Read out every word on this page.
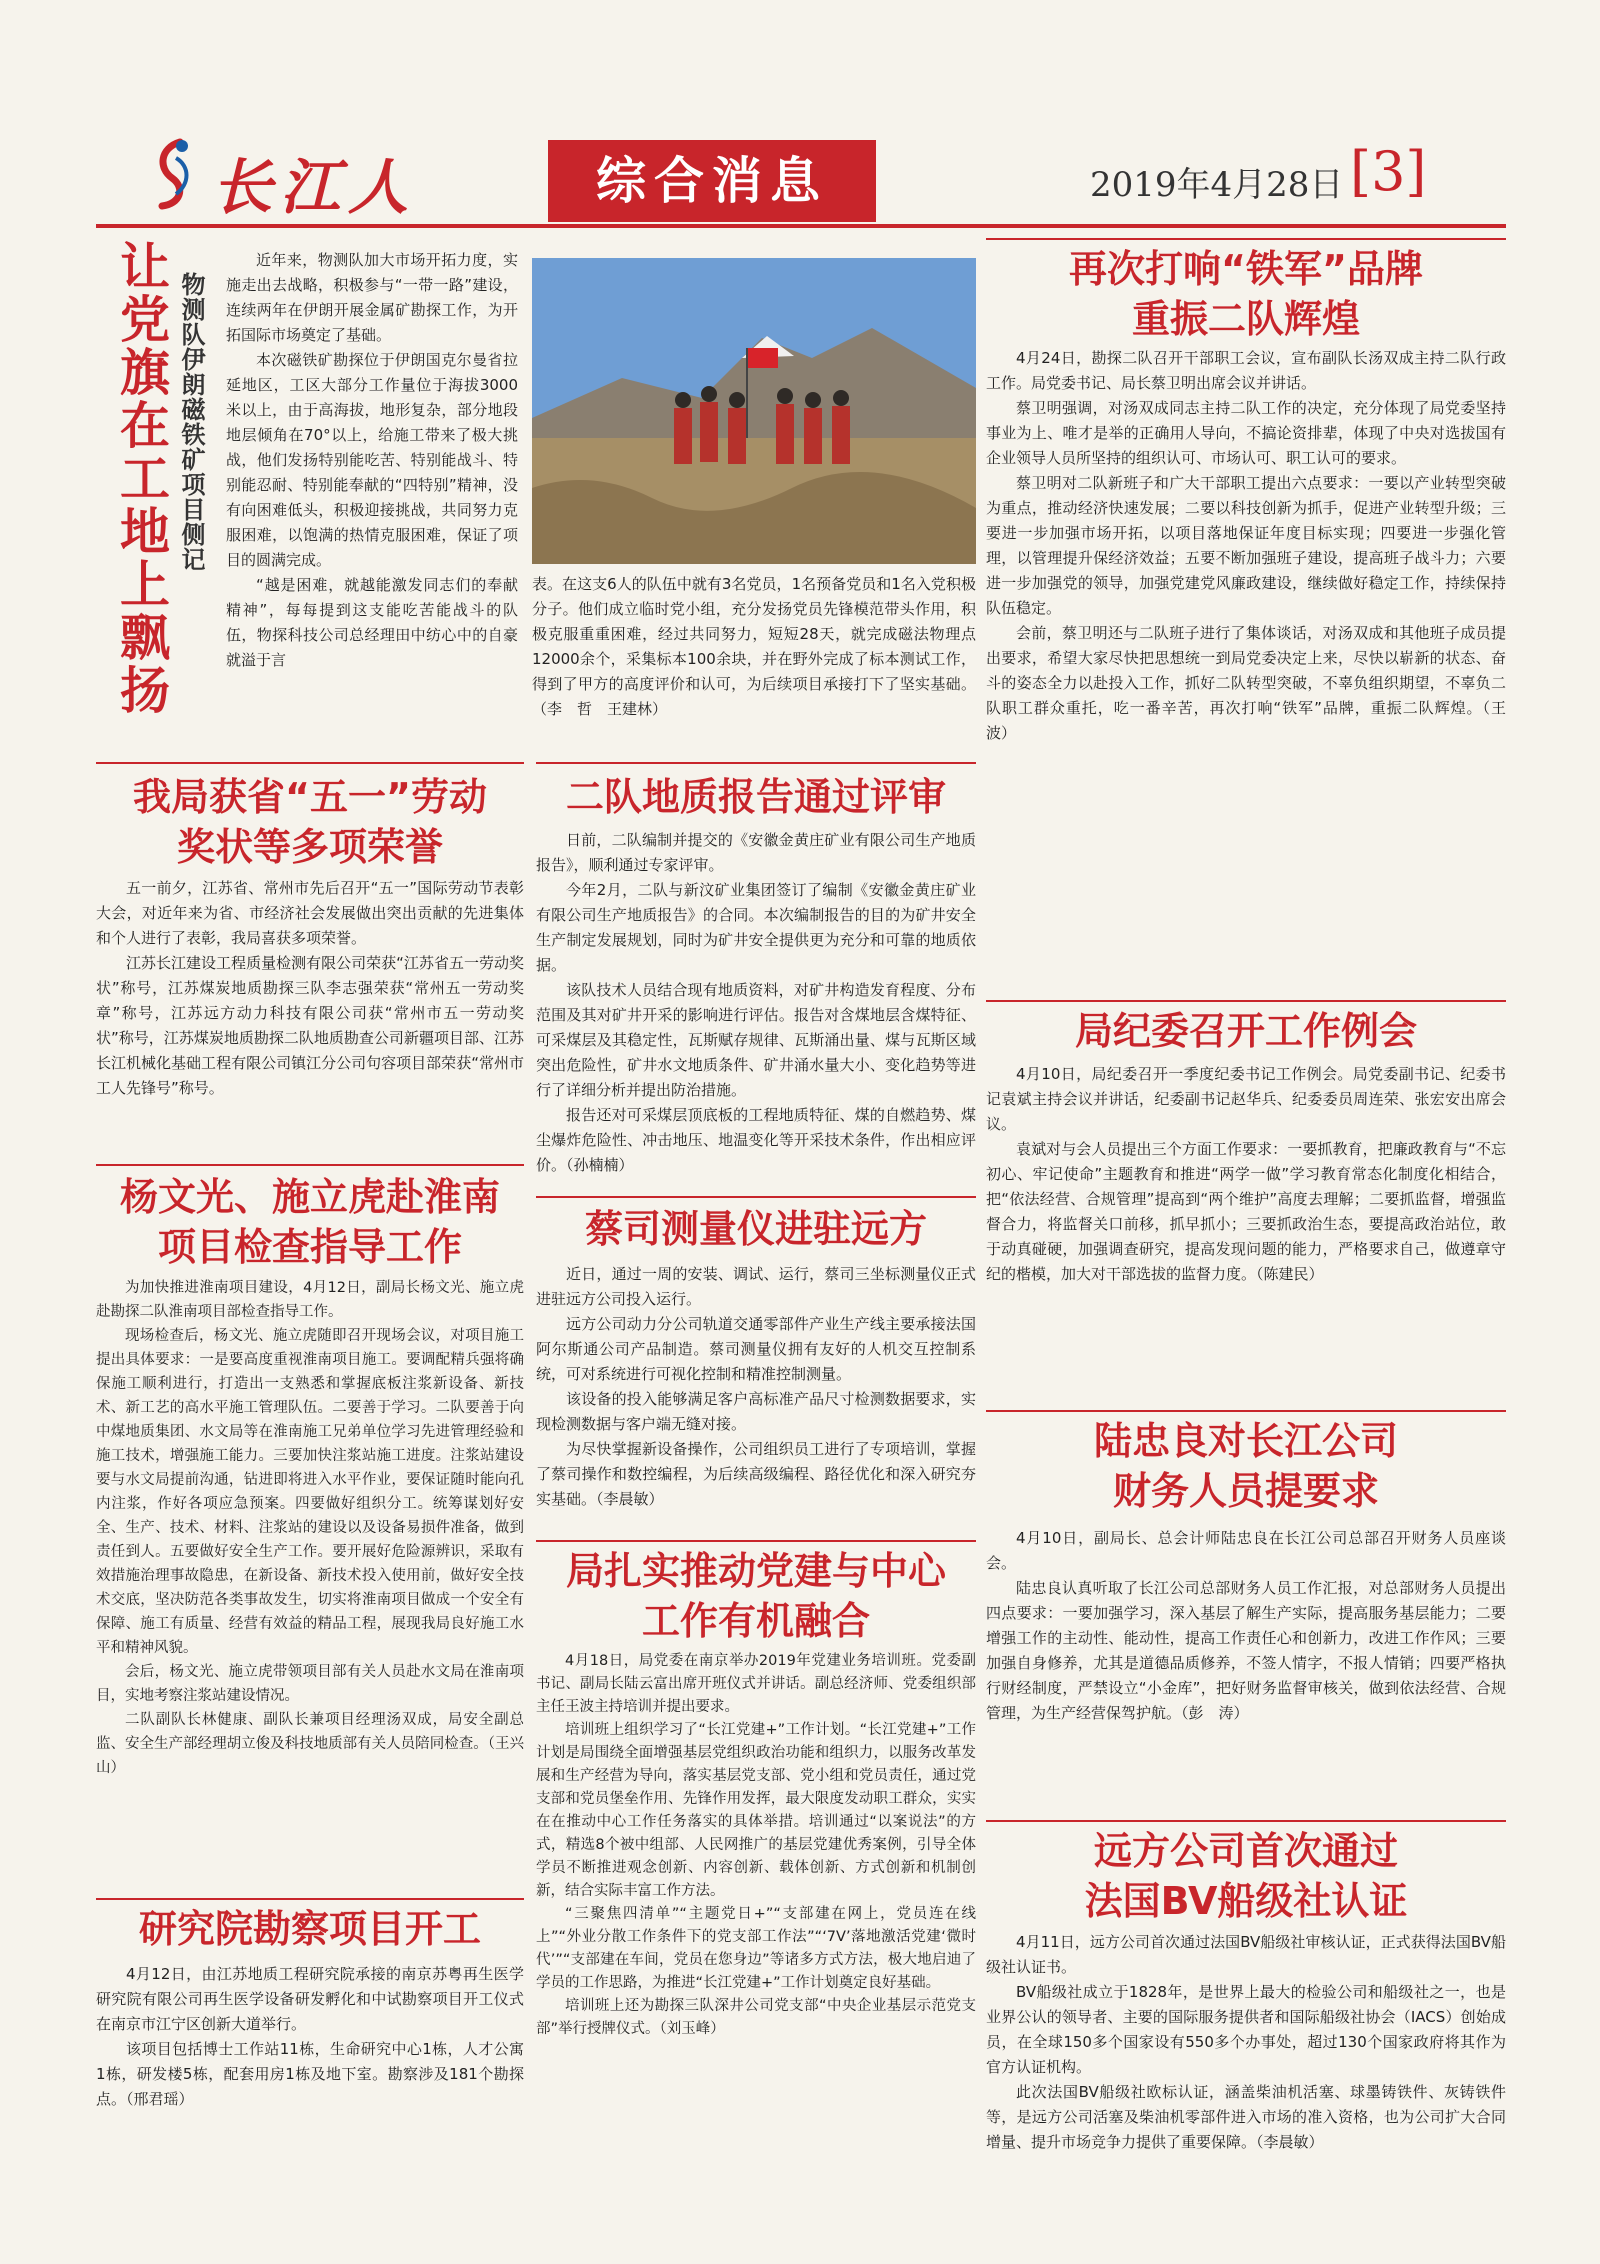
长江人	综合消息	2019年4月28日 [3]
让党旗在工地上飘扬 物测队伊朗磁铁矿项目侧记

近年来，物测队加大市场开拓力度，实施走出去战略，积极参与“一带一路”建设，连续两年在伊朗开展金属矿勘探工作，为开拓国际市场奠定了基础。

本次磁铁矿勘探位于伊朗国克尔曼省拉延地区，工区大部分工作量位于海拔3000米以上，由于高海拔，地形复杂，部分地段地层倾角在70°以上，给施工带来了极大挑战，他们发扬特别能吃苦、特别能战斗、特别能忍耐、特别能奉献的“四特别”精神，没有向困难低头，积极迎接挑战，共同努力克服困难，以饱满的热情克服困难，保证了项目的圆满完成。

“越是困难，就越能激发同志们的奉献精神”，每每提到这支能吃苦能战斗的队伍，物探科技公司总经理田中纺心中的自豪就溢于言

表。在这支6人的队伍中就有3名党员，1名预备党员和1名入党积极分子。他们成立临时党小组，充分发扬党员先锋模范带头作用，积极克服重重困难，经过共同努力，短短28天，就完成磁法物理点12000余个，采集标本100余块，并在野外完成了标本测试工作，得到了甲方的高度评价和认可，为后续项目承接打下了坚实基础。（李　哲　王建林）

再次打响“铁军”品牌
重振二队辉煌

4月24日，勘探二队召开干部职工会议，宣布副队长汤双成主持二队行政工作。局党委书记、局长蔡卫明出席会议并讲话。

蔡卫明强调，对汤双成同志主持二队工作的决定，充分体现了局党委坚持事业为上、唯才是举的正确用人导向，不搞论资排辈，体现了中央对选拔国有企业领导人员所坚持的组织认可、市场认可、职工认可的要求。

蔡卫明对二队新班子和广大干部职工提出六点要求：一要以产业转型突破为重点，推动经济快速发展；二要以科技创新为抓手，促进产业转型升级；三要进一步加强市场开拓，以项目落地保证年度目标实现；四要进一步强化管理，以管理提升保经济效益；五要不断加强班子建设，提高班子战斗力；六要进一步加强党的领导，加强党建党风廉政建设，继续做好稳定工作，持续保持队伍稳定。

会前，蔡卫明还与二队班子进行了集体谈话，对汤双成和其他班子成员提出要求，希望大家尽快把思想统一到局党委决定上来，尽快以崭新的状态、奋斗的姿态全力以赴投入工作，抓好二队转型突破，不辜负组织期望，不辜负二队职工群众重托，吃一番辛苦，再次打响“铁军”品牌，重振二队辉煌。（王　波）

局纪委召开工作例会

4月10日，局纪委召开一季度纪委书记工作例会。局党委副书记、纪委书记袁斌主持会议并讲话，纪委副书记赵华兵、纪委委员周连荣、张宏安出席会议。

袁斌对与会人员提出三个方面工作要求：一要抓教育，把廉政教育与“不忘初心、牢记使命”主题教育和推进“两学一做”学习教育常态化制度化相结合，把“依法经营、合规管理”提高到“两个维护”高度去理解；二要抓监督，增强监督合力，将监督关口前移，抓早抓小；三要抓政治生态，要提高政治站位，敢于动真碰硬，加强调查研究，提高发现问题的能力，严格要求自己，做遵章守纪的楷模，加大对干部选拔的监督力度。（陈建民）

陆忠良对长江公司
财务人员提要求

4月10日，副局长、总会计师陆忠良在长江公司总部召开财务人员座谈会。

陆忠良认真听取了长江公司总部财务人员工作汇报，对总部财务人员提出四点要求：一要加强学习，深入基层了解生产实际，提高服务基层能力；二要增强工作的主动性、能动性，提高工作责任心和创新力，改进工作作风；三要加强自身修养，尤其是道德品质修养，不签人情字，不报人情销；四要严格执行财经制度，严禁设立“小金库”，把好财务监督审核关，做到依法经营、合规管理，为生产经营保驾护航。（彭　涛）

远方公司首次通过
法国BV船级社认证

4月11日，远方公司首次通过法国BV船级社审核认证，正式获得法国BV船级社认证书。

BV船级社成立于1828年，是世界上最大的检验公司和船级社之一，也是业界公认的领导者、主要的国际服务提供者和国际船级社协会（IACS）创始成员，在全球150多个国家设有550多个办事处，超过130个国家政府将其作为官方认证机构。

此次法国BV船级社欧标认证，涵盖柴油机活塞、球墨铸铁件、灰铸铁件等，是远方公司活塞及柴油机零部件进入市场的准入资格，也为公司扩大合同增量、提升市场竞争力提供了重要保障。（李晨敏）

我局获省“五一”劳动
奖状等多项荣誉

五一前夕，江苏省、常州市先后召开“五一”国际劳动节表彰大会，对近年来为省、市经济社会发展做出突出贡献的先进集体和个人进行了表彰，我局喜获多项荣誉。

江苏长江建设工程质量检测有限公司荣获“江苏省五一劳动奖状”称号，江苏煤炭地质勘探三队李志强荣获“常州五一劳动奖章”称号，江苏远方动力科技有限公司获“常州市五一劳动奖状”称号，江苏煤炭地质勘探二队地质勘查公司新疆项目部、江苏长江机械化基础工程有限公司镇江分公司句容项目部荣获“常州市工人先锋号”称号。

杨文光、施立虎赴淮南
项目检查指导工作

为加快推进淮南项目建设，4月12日，副局长杨文光、施立虎赴勘探二队淮南项目部检查指导工作。

现场检查后，杨文光、施立虎随即召开现场会议，对项目施工提出具体要求：一是要高度重视淮南项目施工。要调配精兵强将确保施工顺利进行，打造出一支熟悉和掌握底板注浆新设备、新技术、新工艺的高水平施工管理队伍。二要善于学习。二队要善于向中煤地质集团、水文局等在淮南施工兄弟单位学习先进管理经验和施工技术，增强施工能力。三要加快注浆站施工进度。注浆站建设要与水文局提前沟通，钻进即将进入水平作业，要保证随时能向孔内注浆，作好各项应急预案。四要做好组织分工。统筹谋划好安全、生产、技术、材料、注浆站的建设以及设备易损件准备，做到责任到人。五要做好安全生产工作。要开展好危险源辨识，采取有效措施治理事故隐患，在新设备、新技术投入使用前，做好安全技术交底，坚决防范各类事故发生，切实将淮南项目做成一个安全有保障、施工有质量、经营有效益的精品工程，展现我局良好施工水平和精神风貌。

会后，杨文光、施立虎带领项目部有关人员赴水文局在淮南项目，实地考察注浆站建设情况。

二队副队长林健康、副队长兼项目经理汤双成，局安全副总监、安全生产部经理胡立俊及科技地质部有关人员陪同检查。（王兴山）

研究院勘察项目开工

4月12日，由江苏地质工程研究院承接的南京苏粤再生医学研究院有限公司再生医学设备研发孵化和中试勘察项目开工仪式在南京市江宁区创新大道举行。

该项目包括博士工作站11栋，生命研究中心1栋，人才公寓1栋，研发楼5栋，配套用房1栋及地下室。勘察涉及181个勘探点。（邢君瑶）

二队地质报告通过评审

日前，二队编制并提交的《安徽金黄庄矿业有限公司生产地质报告》，顺利通过专家评审。

今年2月，二队与新汶矿业集团签订了编制《安徽金黄庄矿业有限公司生产地质报告》的合同。本次编制报告的目的为矿井安全生产制定发展规划，同时为矿井安全提供更为充分和可靠的地质依据。

该队技术人员结合现有地质资料，对矿井构造发育程度、分布范围及其对矿井开采的影响进行评估。报告对含煤地层含煤特征、可采煤层及其稳定性，瓦斯赋存规律、瓦斯涌出量、煤与瓦斯区域突出危险性，矿井水文地质条件、矿井涌水量大小、变化趋势等进行了详细分析并提出防治措施。

报告还对可采煤层顶底板的工程地质特征、煤的自燃趋势、煤尘爆炸危险性、冲击地压、地温变化等开采技术条件，作出相应评价。（孙楠楠）

蔡司测量仪进驻远方

近日，通过一周的安装、调试、运行，蔡司三坐标测量仪正式进驻远方公司投入运行。

远方公司动力分公司轨道交通零部件产业生产线主要承接法国阿尔斯通公司产品制造。蔡司测量仪拥有友好的人机交互控制系统，可对系统进行可视化控制和精准控制测量。

该设备的投入能够满足客户高标准产品尺寸检测数据要求，实现检测数据与客户端无缝对接。

为尽快掌握新设备操作，公司组织员工进行了专项培训，掌握了蔡司操作和数控编程，为后续高级编程、路径优化和深入研究夯实基础。（李晨敏）

局扎实推动党建与中心
工作有机融合

4月18日，局党委在南京举办2019年党建业务培训班。党委副书记、副局长陆云富出席开班仪式并讲话。副总经济师、党委组织部主任王波主持培训并提出要求。

培训班上组织学习了“长江党建+”工作计划。“长江党建+”工作计划是局围绕全面增强基层党组织政治功能和组织力，以服务改革发展和生产经营为导向，落实基层党支部、党小组和党员责任，通过党支部和党员堡垒作用、先锋作用发挥，最大限度发动职工群众，实实在在推动中心工作任务落实的具体举措。培训通过“以案说法”的方式，精选8个被中组部、人民网推广的基层党建优秀案例，引导全体学员不断推进观念创新、内容创新、载体创新、方式创新和机制创新，结合实际丰富工作方法。

“三聚焦四清单”“主题党日+”“支部建在网上，党员连在线上”“外业分散工作条件下的党支部工作法”“‘7V’落地激活党建‘微时代’”“支部建在车间，党员在您身边”等诸多方式方法，极大地启迪了学员的工作思路，为推进“长江党建+”工作计划奠定良好基础。

培训班上还为勘探三队深井公司党支部“中央企业基层示范党支部”举行授牌仪式。（刘玉峰）
